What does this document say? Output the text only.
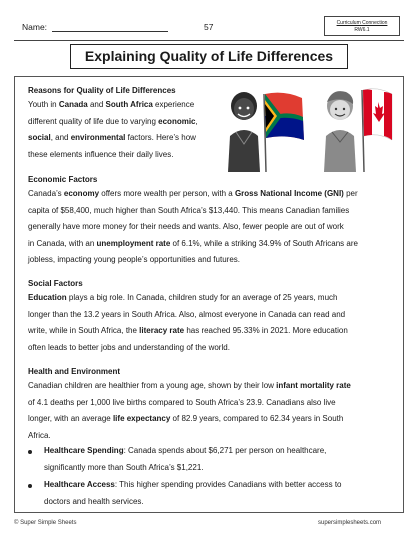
Name:	57	Curriculum Connection
RW6.1
Explaining Quality of Life Differences
Reasons for Quality of Life Differences
Youth in Canada and South Africa experience
different quality of life due to varying economic,
social, and environmental factors. Here’s how
these elements influence their daily lives.
Economic Factors
Canada’s economy offers more wealth per person, with a Gross National Income (GNI) per
capita of $58,400, much higher than South Africa’s $13,440. This means Canadian families
generally have more money for their needs and wants. Also, fewer people are out of work
in Canada, with an unemployment rate of 6.1%, while a striking 34.9% of South Africans are
jobless, impacting young people’s opportunities and futures.
Social Factors
Education plays a big role. In Canada, children study for an average of 25 years, much
longer than the 13.2 years in South Africa. Also, almost everyone in Canada can read and
write, while in South Africa, the literacy rate has reached 95.33% in 2021. More education
often leads to better jobs and understanding of the world.
Health and Environment
Canadian children are healthier from a young age, shown by their low infant mortality rate
of 4.1 deaths per 1,000 live births compared to South Africa’s 23.9. Canadians also live
longer, with an average life expectancy of 82.9 years, compared to 62.34 years in South
Africa.
Healthcare Spending: Canada spends about $6,271 per person on healthcare,
significantly more than South Africa’s $1,221.
Healthcare Access: This higher spending provides Canadians with better access to
doctors and health services.
© Super Simple Sheets	supersimplesheets.com
